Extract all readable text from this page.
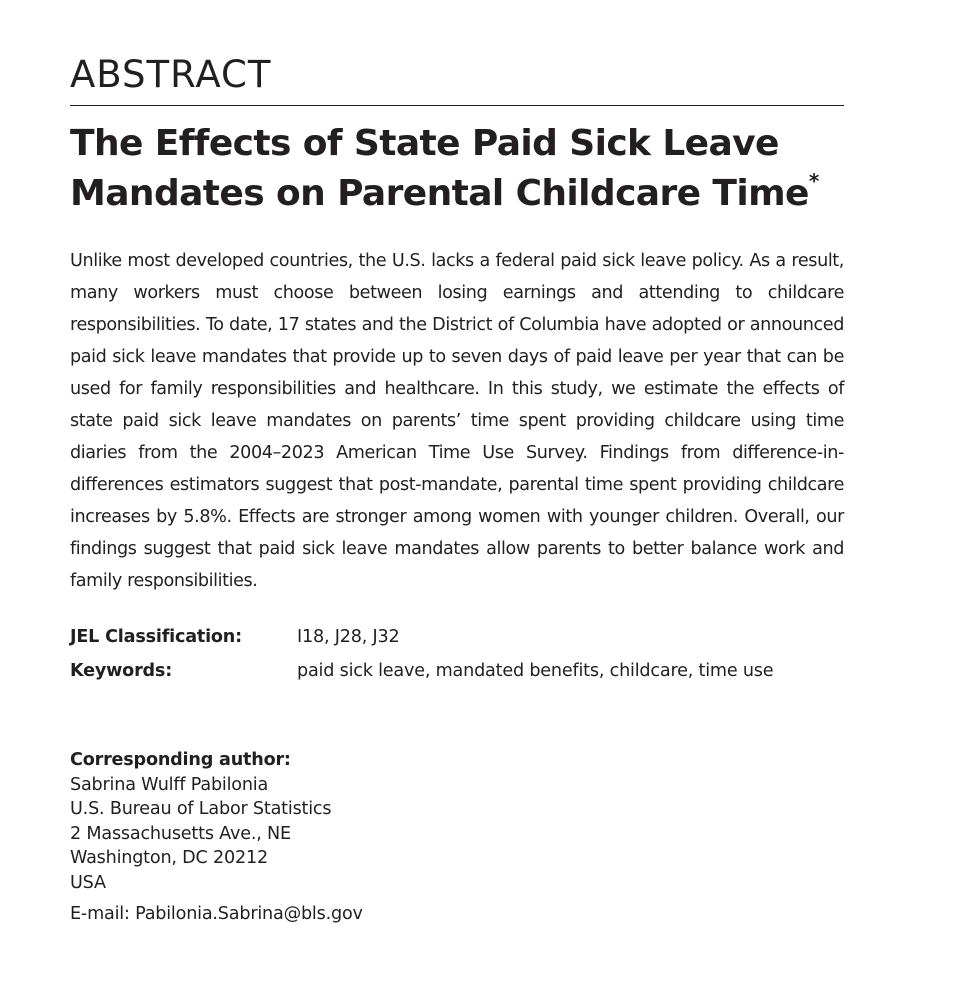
ABSTRACT
The Effects of State Paid Sick Leave
Mandates on Parental Childcare Time*

Unlike most developed countries, the U.S. lacks a federal paid sick leave policy. As a result, many workers must choose between losing earnings and attending to childcare responsibilities. To date, 17 states and the District of Columbia have adopted or announced paid sick leave mandates that provide up to seven days of paid leave per year that can be used for family responsibilities and healthcare. In this study, we estimate the effects of state paid sick leave mandates on parents’ time spent providing childcare using time diaries from the 2004–2023 American Time Use Survey. Findings from difference-in-differences estimators suggest that post-mandate, parental time spent providing childcare increases by 5.8%. Effects are stronger among women with younger children. Overall, our findings suggest that paid sick leave mandates allow parents to better balance work and family responsibilities.

JEL Classification:	I18, J28, J32
Keywords:	paid sick leave, mandated benefits, childcare, time use
Corresponding author:
Sabrina Wulff Pabilonia
U.S. Bureau of Labor Statistics
2 Massachusetts Ave., NE
Washington, DC 20212
USA
E-mail: Pabilonia.Sabrina@bls.gov
